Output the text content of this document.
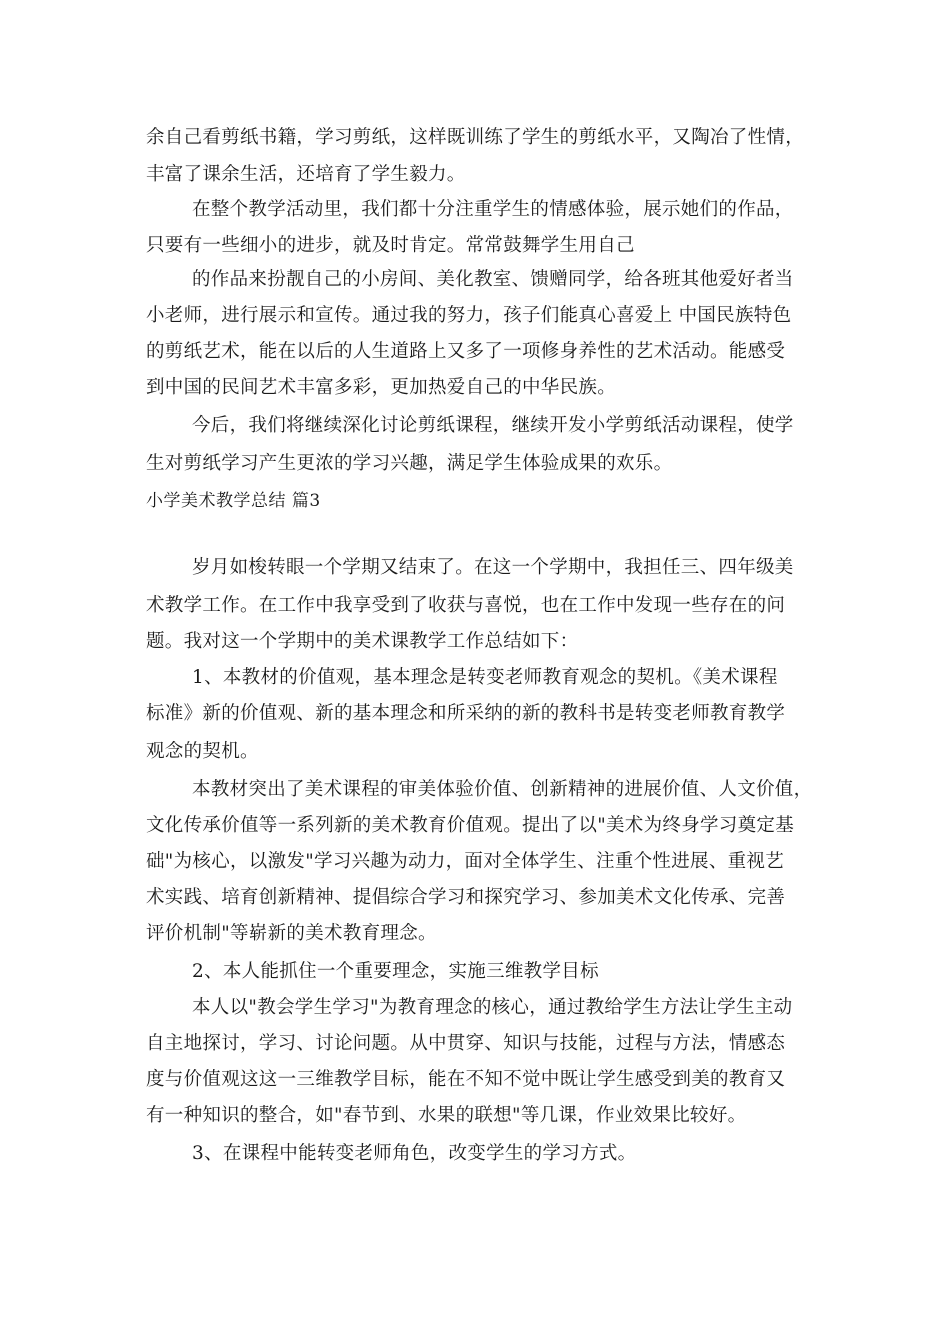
余自己看剪纸书籍，学习剪纸，这样既训练了学生的剪纸水平，又陶冶了性情，
丰富了课余生活，还培育了学生毅力。
在整个教学活动里，我们都十分注重学生的情感体验，展示她们的作品，
只要有一些细小的进步，就及时肯定。常常鼓舞学生用自己
的作品来扮靓自己的小房间、美化教室、馈赠同学，给各班其他爱好者当
小老师，进行展示和宣传。通过我的努力，孩子们能真心喜爱上 中国民族特色
的剪纸艺术，能在以后的人生道路上又多了一项修身养性的艺术活动。能感受
到中国的民间艺术丰富多彩，更加热爱自己的中华民族。
今后，我们将继续深化讨论剪纸课程，继续开发小学剪纸活动课程，使学
生对剪纸学习产生更浓的学习兴趣，满足学生体验成果的欢乐。
小学美术教学总结 篇3
岁月如梭转眼一个学期又结束了。在这一个学期中，我担任三、四年级美
术教学工作。在工作中我享受到了收获与喜悦，也在工作中发现一些存在的问
题。我对这一个学期中的美术课教学工作总结如下：
1、本教材的价值观，基本理念是转变老师教育观念的契机。《美术课程
标准》新的价值观、新的基本理念和所采纳的新的教科书是转变老师教育教学
观念的契机。
本教材突出了美术课程的审美体验价值、创新精神的进展价值、人文价值，
文化传承价值等一系列新的美术教育价值观。提出了以"美术为终身学习奠定基
础"为核心，以激发"学习兴趣为动力，面对全体学生、注重个性进展、重视艺
术实践、培育创新精神、提倡综合学习和探究学习、参加美术文化传承、完善
评价机制"等崭新的美术教育理念。
2、本人能抓住一个重要理念，实施三维教学目标
本人以"教会学生学习"为教育理念的核心，通过教给学生方法让学生主动
自主地探讨，学习、讨论问题。从中贯穿、知识与技能，过程与方法，情感态
度与价值观这这一三维教学目标，能在不知不觉中既让学生感受到美的教育又
有一种知识的整合，如"春节到、水果的联想"等几课，作业效果比较好。
3、在课程中能转变老师角色，改变学生的学习方式。
